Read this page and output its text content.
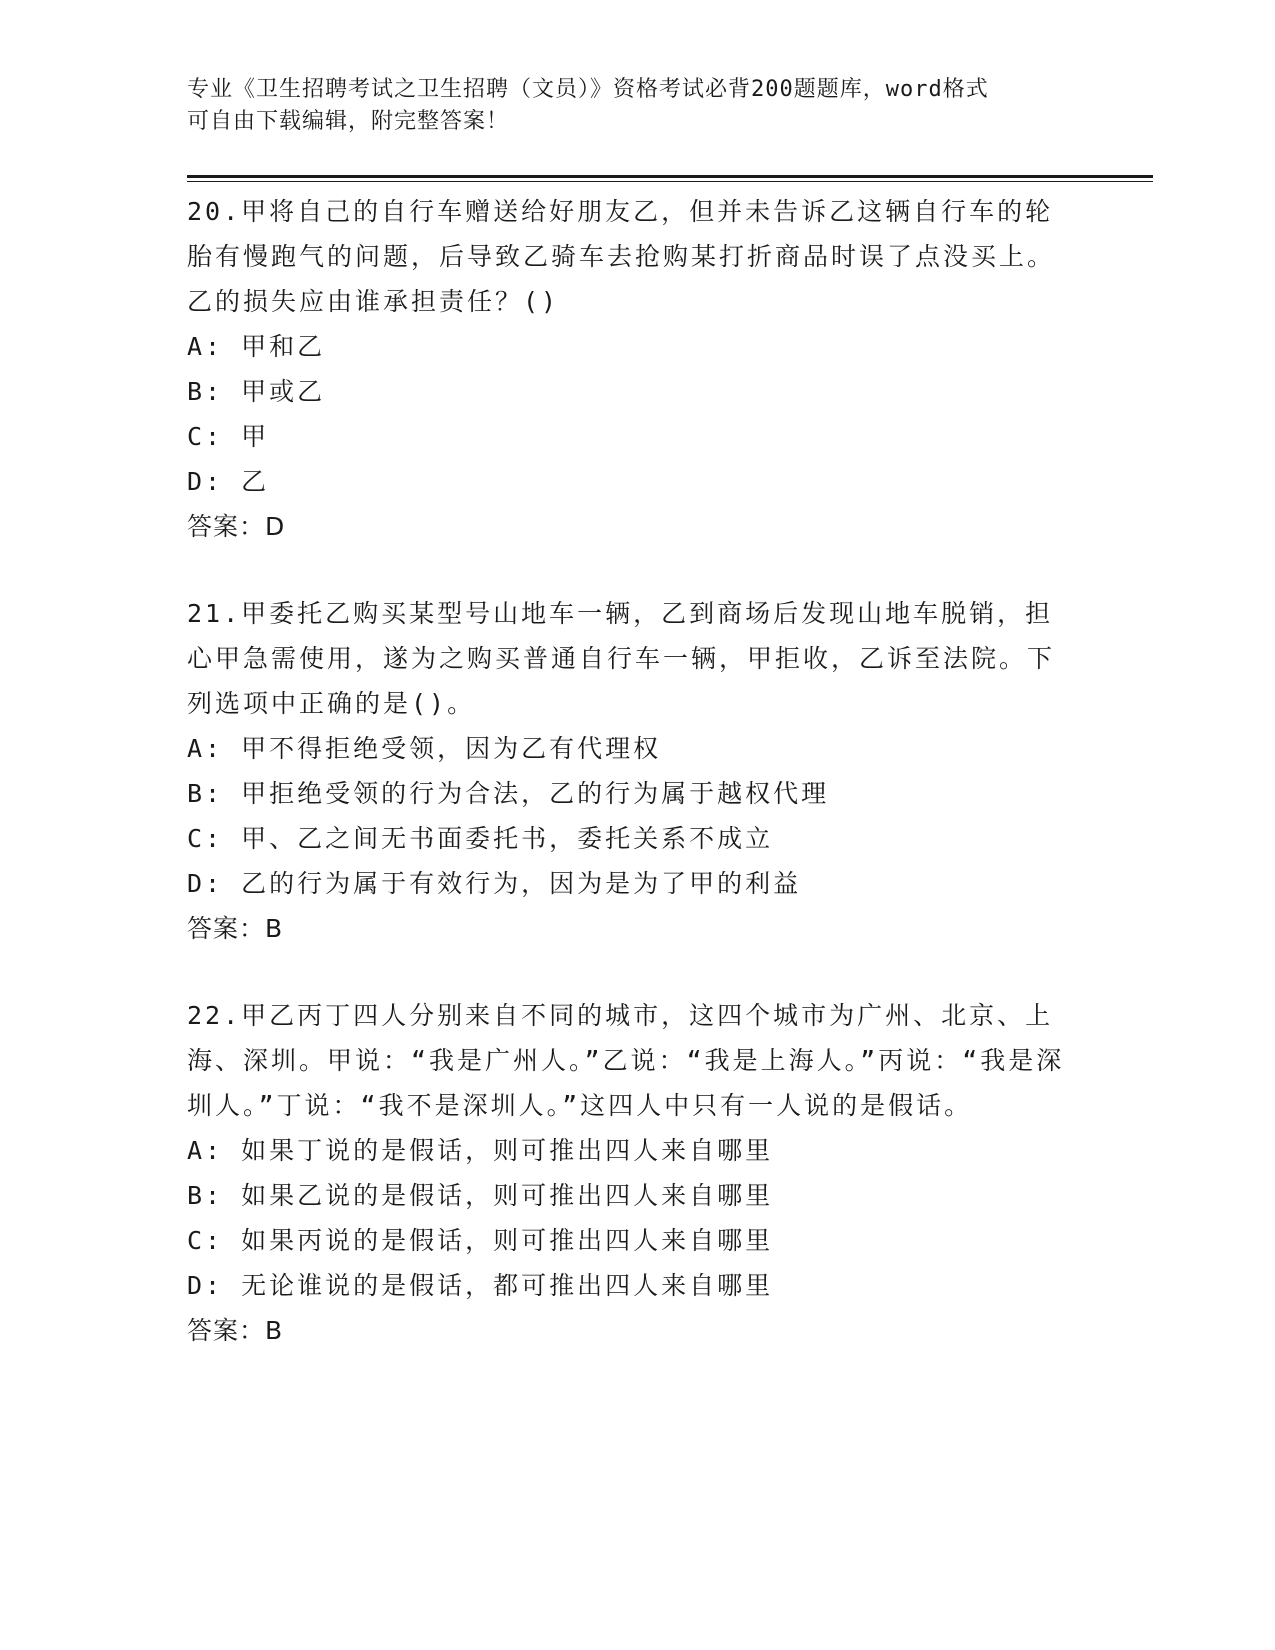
专业《卫生招聘考试之卫生招聘（文员）》资格考试必背200题题库，word格式
可自由下载编辑，附完整答案！
20.甲将自己的自行车赠送给好朋友乙，但并未告诉乙这辆自行车的轮胎有慢跑气的问题，后导致乙骑车去抢购某打折商品时误了点没买上。乙的损失应由谁承担责任？()
A: 甲和乙
B: 甲或乙
C: 甲
D: 乙
答案：D
21.甲委托乙购买某型号山地车一辆，乙到商场后发现山地车脱销，担心甲急需使用，遂为之购买普通自行车一辆，甲拒收，乙诉至法院。下列选项中正确的是()。
A: 甲不得拒绝受领，因为乙有代理权
B: 甲拒绝受领的行为合法，乙的行为属于越权代理
C: 甲、乙之间无书面委托书，委托关系不成立
D: 乙的行为属于有效行为，因为是为了甲的利益
答案：B
22.甲乙丙丁四人分别来自不同的城市，这四个城市为广州、北京、上海、深圳。甲说：“我是广州人。”乙说：“我是上海人。”丙说：“我是深圳人。”丁说：“我不是深圳人。”这四人中只有一人说的是假话。
A: 如果丁说的是假话，则可推出四人来自哪里
B: 如果乙说的是假话，则可推出四人来自哪里
C: 如果丙说的是假话，则可推出四人来自哪里
D: 无论谁说的是假话，都可推出四人来自哪里
答案：B
